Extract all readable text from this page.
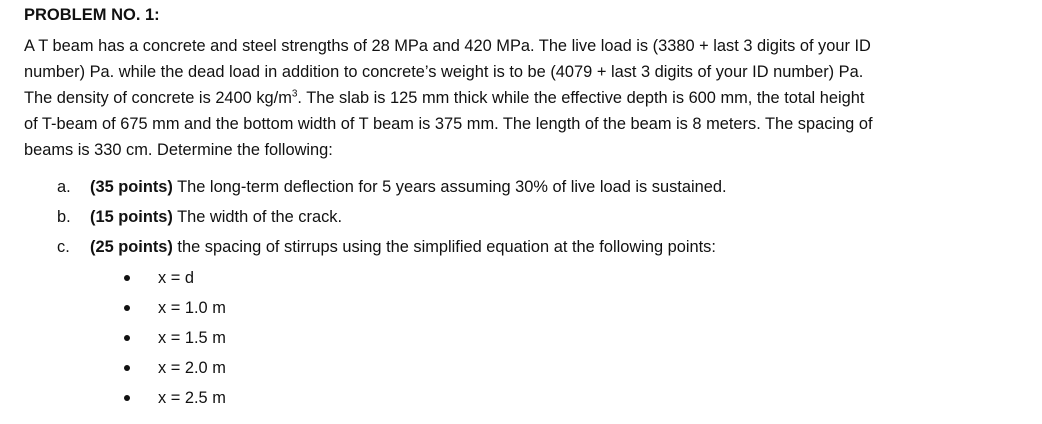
PROBLEM NO. 1:
A T beam has a concrete and steel strengths of 28 MPa and 420 MPa. The live load is (3380 + last 3 digits of your ID
number) Pa. while the dead load in addition to concrete’s weight is to be (4079 + last 3 digits of your ID number) Pa.
The density of concrete is 2400 $kg/m^3$. The slab is 125 mm thick while the effective depth is 600 mm, the total height
of T-beam of 675 mm and the bottom width of T beam is 375 mm. The length of the beam is 8 meters. The spacing of
beams is 330 cm. Determine the following:
a. (35 points) The long-term deflection for 5 years assuming 30% of live load is sustained.
b. (15 points) The width of the crack.
c. (25 points) the spacing of stirrups using the simplified equation at the following points:
x = d
x = 1.0 m
x = 1.5 m
x = 2.0 m
x = 2.5 m
